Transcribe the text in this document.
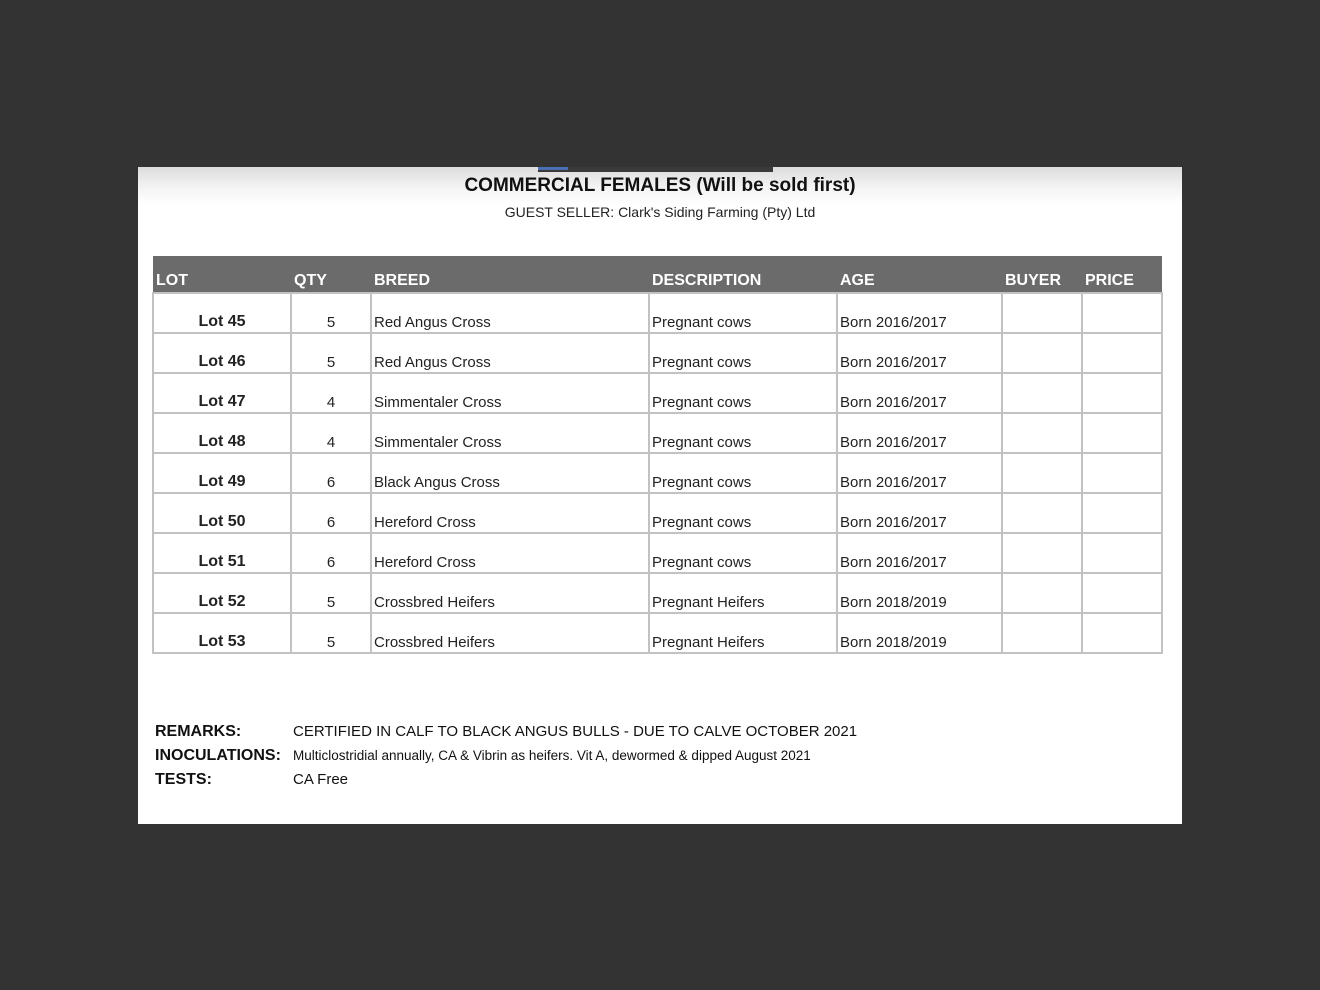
COMMERCIAL FEMALES (Will be sold first)
GUEST SELLER: Clark's Siding Farming (Pty) Ltd
LOT	QTY	BREED	DESCRIPTION	AGE	BUYER	PRICE
Lot 45	5	Red Angus Cross	Pregnant cows	Born 2016/2017		
Lot 46	5	Red Angus Cross	Pregnant cows	Born 2016/2017		
Lot 47	4	Simmentaler Cross	Pregnant cows	Born 2016/2017		
Lot 48	4	Simmentaler Cross	Pregnant cows	Born 2016/2017		
Lot 49	6	Black Angus Cross	Pregnant cows	Born 2016/2017		
Lot 50	6	Hereford Cross	Pregnant cows	Born 2016/2017		
Lot 51	6	Hereford Cross	Pregnant cows	Born 2016/2017		
Lot 52	5	Crossbred Heifers	Pregnant Heifers	Born 2018/2019		
Lot 53	5	Crossbred Heifers	Pregnant Heifers	Born 2018/2019		
REMARKS:	CERTIFIED IN CALF TO BLACK ANGUS BULLS - DUE TO CALVE OCTOBER 2021
INOCULATIONS: Multiclostridial annually, CA & Vibrin as heifers. Vit A, dewormed & dipped August 2021
TESTS:	CA Free
